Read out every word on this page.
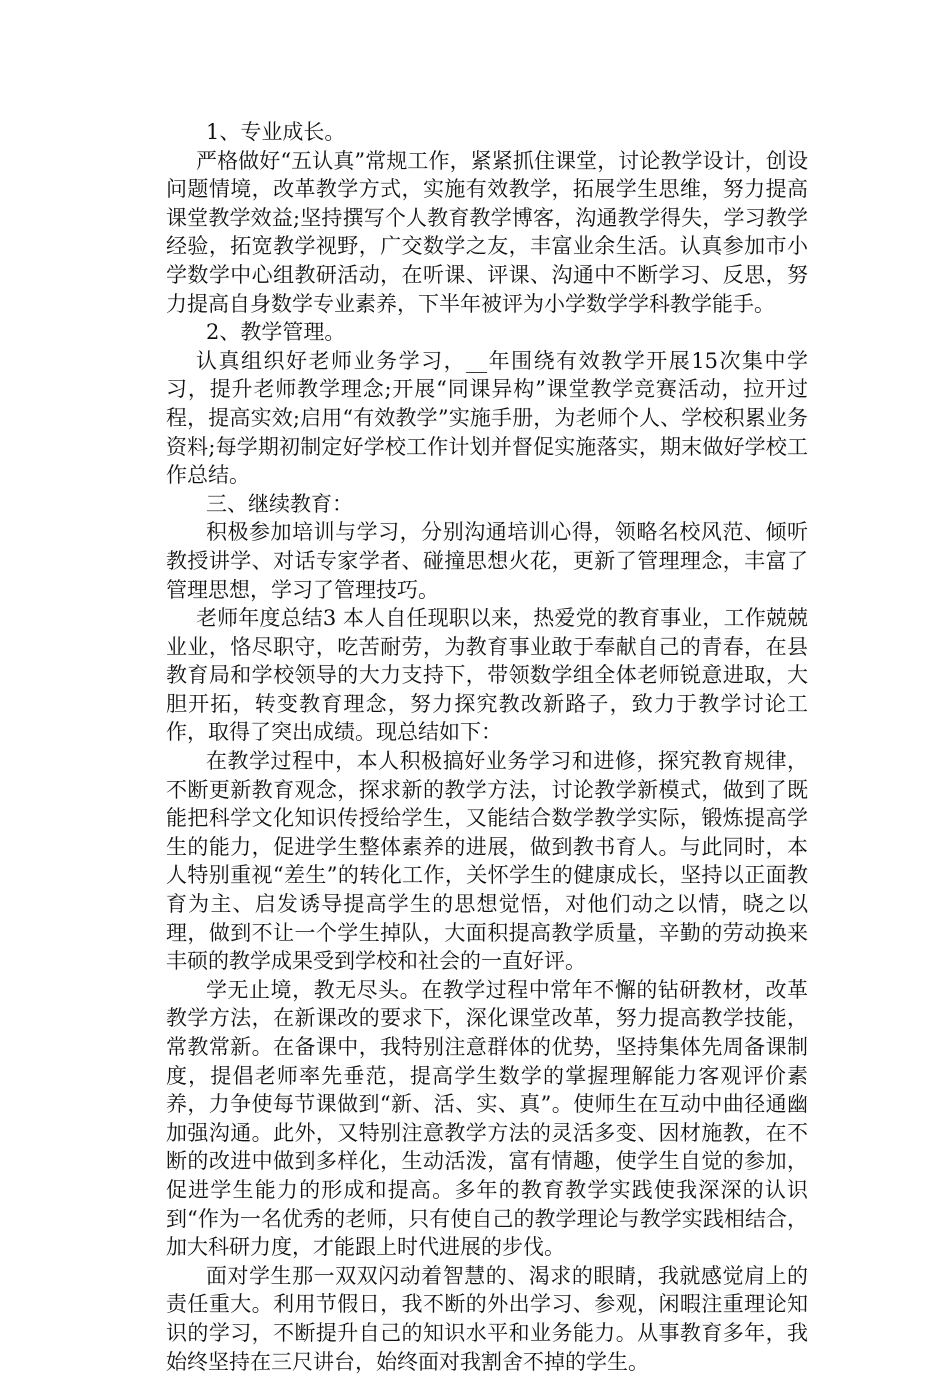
1、专业成长。

严格做好“五认真”常规工作，紧紧抓住课堂，讨论教学设计，创设问题情境，改革教学方式，实施有效教学，拓展学生思维，努力提高课堂教学效益;坚持撰写个人教育教学博客，沟通教学得失，学习教学经验，拓宽教学视野，广交数学之友，丰富业余生活。认真参加市小学数学中心组教研活动，在听课、评课、沟通中不断学习、反思，努力提高自身数学专业素养，下半年被评为小学数学学科教学能手。

2、教学管理。

认真组织好老师业务学习，__年围绕有效教学开展15次集中学习，提升老师教学理念;开展“同课异构”课堂教学竞赛活动，拉开过程，提高实效;启用“有效教学”实施手册，为老师个人、学校积累业务资料;每学期初制定好学校工作计划并督促实施落实，期末做好学校工作总结。

三、继续教育：

积极参加培训与学习，分别沟通培训心得，领略名校风范、倾听教授讲学、对话专家学者、碰撞思想火花，更新了管理理念，丰富了管理思想，学习了管理技巧。

老师年度总结3 本人自任现职以来，热爱党的教育事业，工作兢兢业业，恪尽职守，吃苦耐劳，为教育事业敢于奉献自己的青春，在县教育局和学校领导的大力支持下，带领数学组全体老师锐意进取，大胆开拓，转变教育理念，努力探究教改新路子，致力于教学讨论工作，取得了突出成绩。现总结如下：

在教学过程中，本人积极搞好业务学习和进修，探究教育规律，不断更新教育观念，探求新的教学方法，讨论教学新模式，做到了既能把科学文化知识传授给学生，又能结合数学教学实际，锻炼提高学生的能力，促进学生整体素养的进展，做到教书育人。与此同时，本人特别重视“差生”的转化工作，关怀学生的健康成长，坚持以正面教育为主、启发诱导提高学生的思想觉悟，对他们动之以情，晓之以理，做到不让一个学生掉队，大面积提高教学质量，辛勤的劳动换来丰硕的教学成果受到学校和社会的一直好评。

学无止境，教无尽头。在教学过程中常年不懈的钻研教材，改革教学方法，在新课改的要求下，深化课堂改革，努力提高教学技能，常教常新。在备课中，我特别注意群体的优势，坚持集体先周备课制度，提倡老师率先垂范，提高学生数学的掌握理解能力客观评价素养，力争使每节课做到“新、活、实、真”。使师生在互动中曲径通幽加强沟通。此外，又特别注意教学方法的灵活多变、因材施教，在不断的改进中做到多样化，生动活泼，富有情趣，使学生自觉的参加，促进学生能力的形成和提高。多年的教育教学实践使我深深的认识到“作为一名优秀的老师，只有使自己的教学理论与教学实践相结合，加大科研力度，才能跟上时代进展的步伐。

面对学生那一双双闪动着智慧的、渴求的眼睛，我就感觉肩上的责任重大。利用节假日，我不断的外出学习、参观，闲暇注重理论知识的学习，不断提升自己的知识水平和业务能力。从事教育多年，我始终坚持在三尺讲台，始终面对我割舍不掉的学生。
